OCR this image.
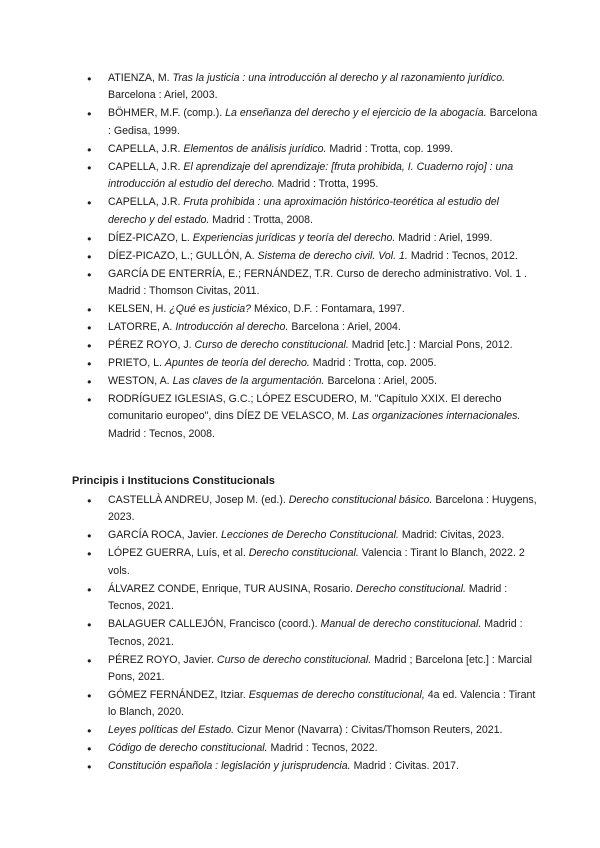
● ATIENZA, M. Tras la justicia : una introducción al derecho y al razonamiento jurídico. Barcelona : Ariel, 2003.
● BÖHMER, M.F. (comp.). La enseñanza del derecho y el ejercicio de la abogacía. Barcelona : Gedisa, 1999.
● CAPELLA, J.R. Elementos de análisis jurídico. Madrid : Trotta, cop. 1999.
● CAPELLA, J.R. El aprendizaje del aprendizaje: [fruta prohibida, I. Cuaderno rojo] : una introducción al estudio del derecho. Madrid : Trotta, 1995.
● CAPELLA, J.R. Fruta prohibida : una aproximación histórico-teorética al estudio del derecho y del estado. Madrid : Trotta, 2008.
● DÍEZ-PICAZO, L. Experiencias jurídicas y teoría del derecho. Madrid : Ariel, 1999.
● DÍEZ-PICAZO, L.; GULLÓN, A. Sistema de derecho civil. Vol. 1. Madrid : Tecnos, 2012.
● GARCÍA DE ENTERRÍA, E.; FERNÁNDEZ, T.R. Curso de derecho administrativo. Vol. 1 . Madrid : Thomson Civitas, 2011.
● KELSEN, H. ¿Qué es justicia? México, D.F. : Fontamara, 1997.
● LATORRE, A. Introducción al derecho. Barcelona : Ariel, 2004.
● PÉREZ ROYO, J. Curso de derecho constitucional. Madrid [etc.] : Marcial Pons, 2012.
● PRIETO, L. Apuntes de teoría del derecho. Madrid : Trotta, cop. 2005.
● WESTON, A. Las claves de la argumentación. Barcelona : Ariel, 2005.
● RODRÍGUEZ IGLESIAS, G.C.; LÓPEZ ESCUDERO, M. "Capítulo XXIX. El derecho comunitario europeo", dins DÍEZ DE VELASCO, M. Las organizaciones internacionales. Madrid : Tecnos, 2008.
Principis i Institucions Constitucionals
● CASTELLÀ ANDREU, Josep M. (ed.). Derecho constitucional básico. Barcelona : Huygens, 2023.
● GARCÍA ROCA, Javier. Lecciones de Derecho Constitucional. Madrid: Civitas, 2023.
● LÓPEZ GUERRA, Luís, et al. Derecho constitucional. Valencia : Tirant lo Blanch, 2022. 2 vols.
● ÁLVAREZ CONDE, Enrique, TUR AUSINA, Rosario. Derecho constitucional. Madrid : Tecnos, 2021.
● BALAGUER CALLEJÓN, Francisco (coord.). Manual de derecho constitucional. Madrid : Tecnos, 2021.
● PÉREZ ROYO, Javier. Curso de derecho constitucional. Madrid ; Barcelona [etc.] : Marcial Pons, 2021.
● GÓMEZ FERNÁNDEZ, Itziar. Esquemas de derecho constitucional, 4a ed. Valencia : Tirant lo Blanch, 2020.
● Leyes políticas del Estado. Cizur Menor (Navarra) : Civitas/Thomson Reuters, 2021.
● Código de derecho constitucional. Madrid : Tecnos, 2022.
● Constitución española : legislación y jurisprudencia. Madrid : Civitas. 2017.
